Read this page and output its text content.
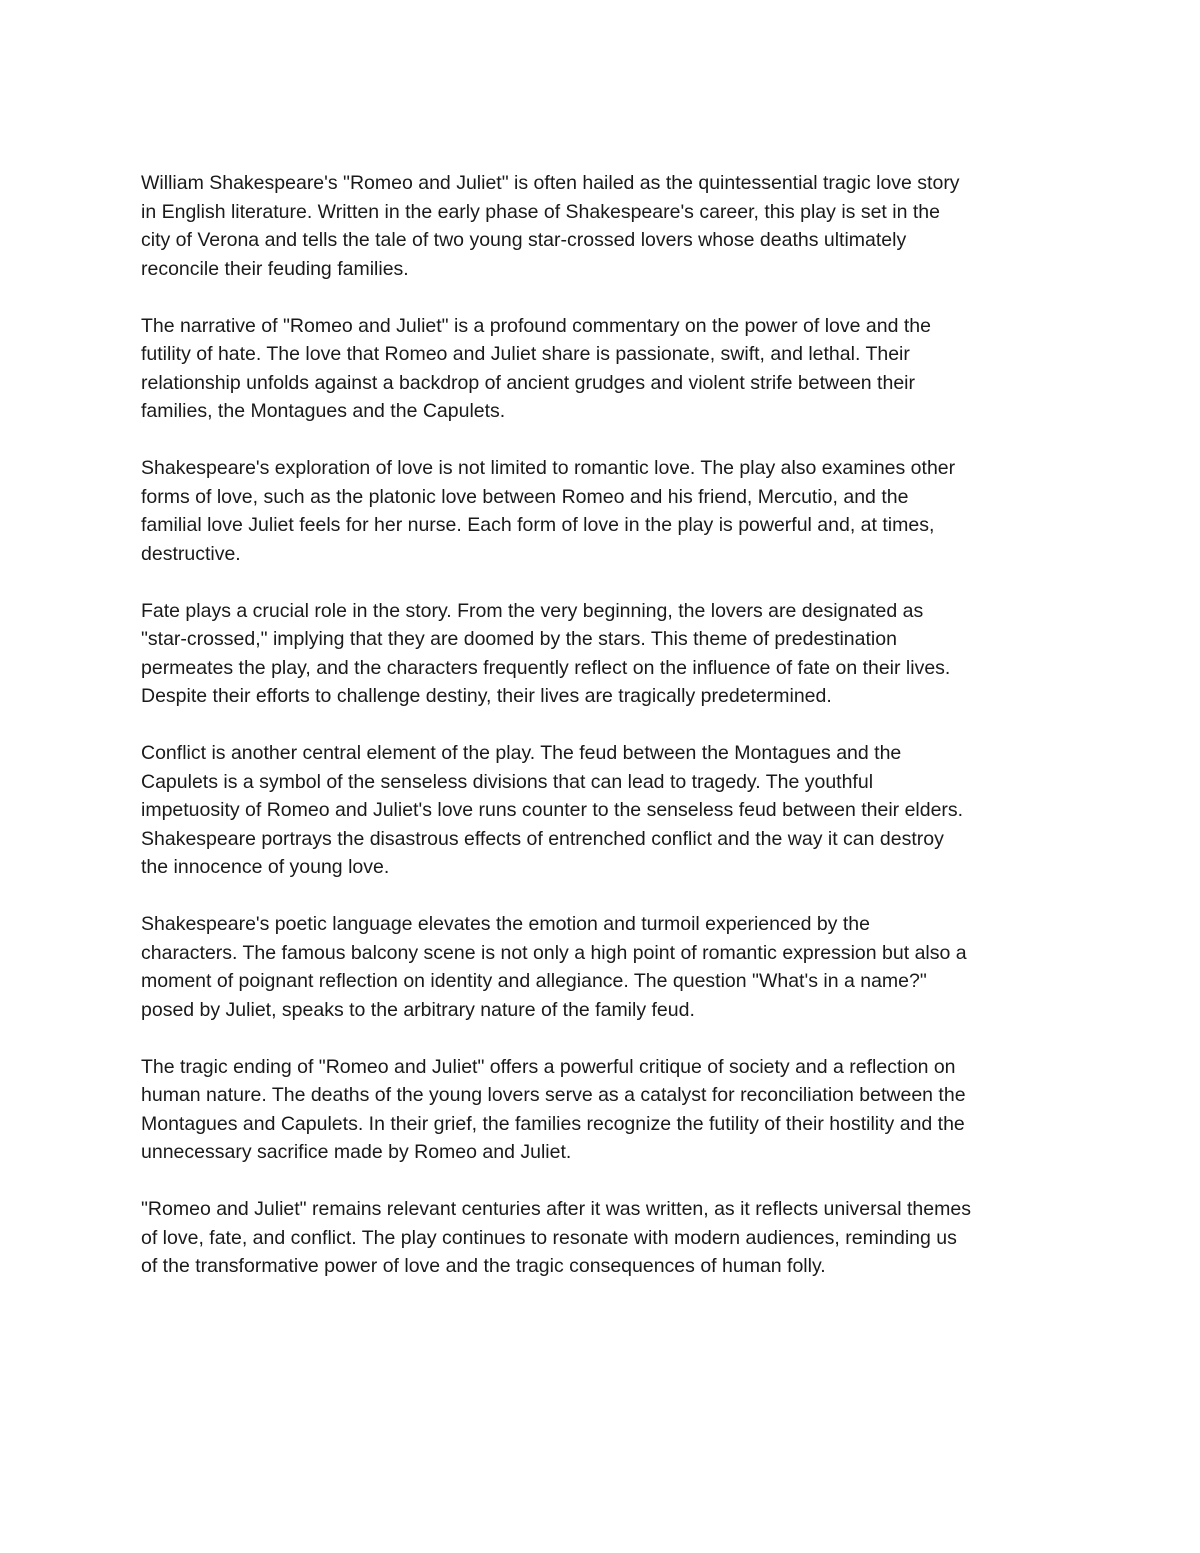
William Shakespeare's "Romeo and Juliet" is often hailed as the quintessential tragic love story
in English literature. Written in the early phase of Shakespeare's career, this play is set in the
city of Verona and tells the tale of two young star-crossed lovers whose deaths ultimately
reconcile their feuding families.

The narrative of "Romeo and Juliet" is a profound commentary on the power of love and the
futility of hate. The love that Romeo and Juliet share is passionate, swift, and lethal. Their
relationship unfolds against a backdrop of ancient grudges and violent strife between their
families, the Montagues and the Capulets.

Shakespeare's exploration of love is not limited to romantic love. The play also examines other
forms of love, such as the platonic love between Romeo and his friend, Mercutio, and the
familial love Juliet feels for her nurse. Each form of love in the play is powerful and, at times,
destructive.

Fate plays a crucial role in the story. From the very beginning, the lovers are designated as
"star-crossed," implying that they are doomed by the stars. This theme of predestination
permeates the play, and the characters frequently reflect on the influence of fate on their lives.
Despite their efforts to challenge destiny, their lives are tragically predetermined.

Conflict is another central element of the play. The feud between the Montagues and the
Capulets is a symbol of the senseless divisions that can lead to tragedy. The youthful
impetuosity of Romeo and Juliet's love runs counter to the senseless feud between their elders.
Shakespeare portrays the disastrous effects of entrenched conflict and the way it can destroy
the innocence of young love.

Shakespeare's poetic language elevates the emotion and turmoil experienced by the
characters. The famous balcony scene is not only a high point of romantic expression but also a
moment of poignant reflection on identity and allegiance. The question "What's in a name?"
posed by Juliet, speaks to the arbitrary nature of the family feud.

The tragic ending of "Romeo and Juliet" offers a powerful critique of society and a reflection on
human nature. The deaths of the young lovers serve as a catalyst for reconciliation between the
Montagues and Capulets. In their grief, the families recognize the futility of their hostility and the
unnecessary sacrifice made by Romeo and Juliet.

"Romeo and Juliet" remains relevant centuries after it was written, as it reflects universal themes
of love, fate, and conflict. The play continues to resonate with modern audiences, reminding us
of the transformative power of love and the tragic consequences of human folly.
